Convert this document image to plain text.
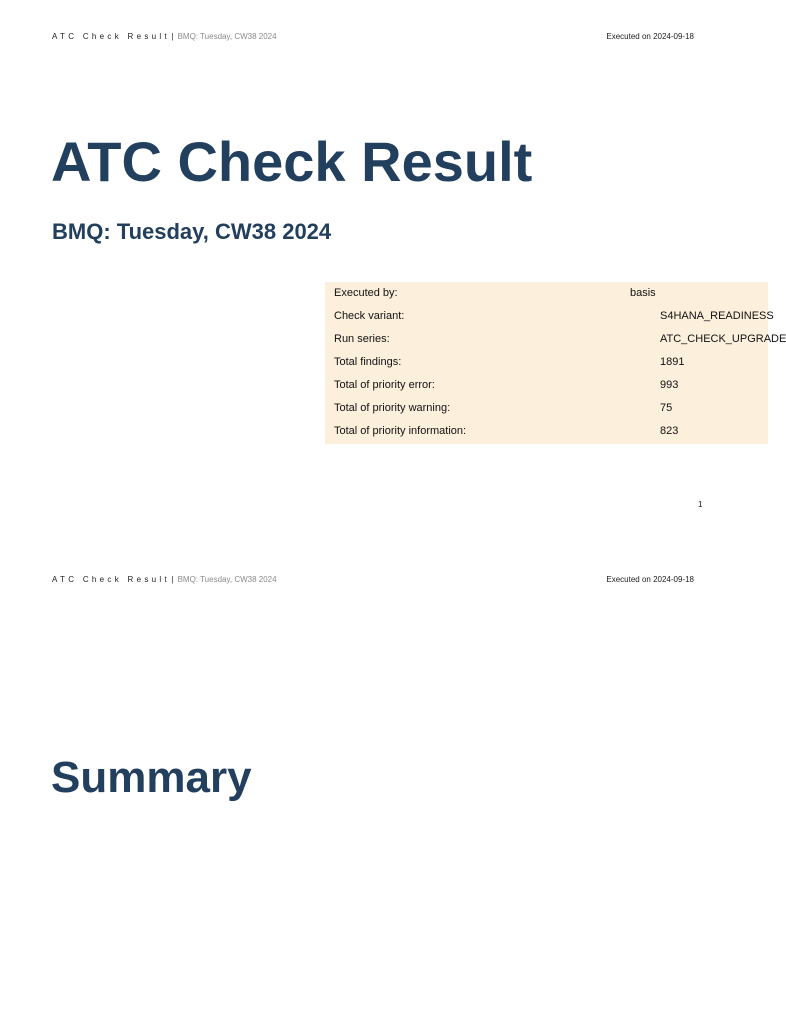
ATC Check Result | BMQ: Tuesday, CW38 2024	Executed on 2024-09-18
ATC Check Result
BMQ: Tuesday, CW38 2024
Executed by:	basis
Check variant:	S4HANA_READINESS
Run series:	ATC_CHECK_UPGRADE
Total findings:	1891
Total of priority error:	993
Total of priority warning:	75
Total of priority information:	823
1
ATC Check Result | BMQ: Tuesday, CW38 2024	Executed on 2024-09-18
Summary
